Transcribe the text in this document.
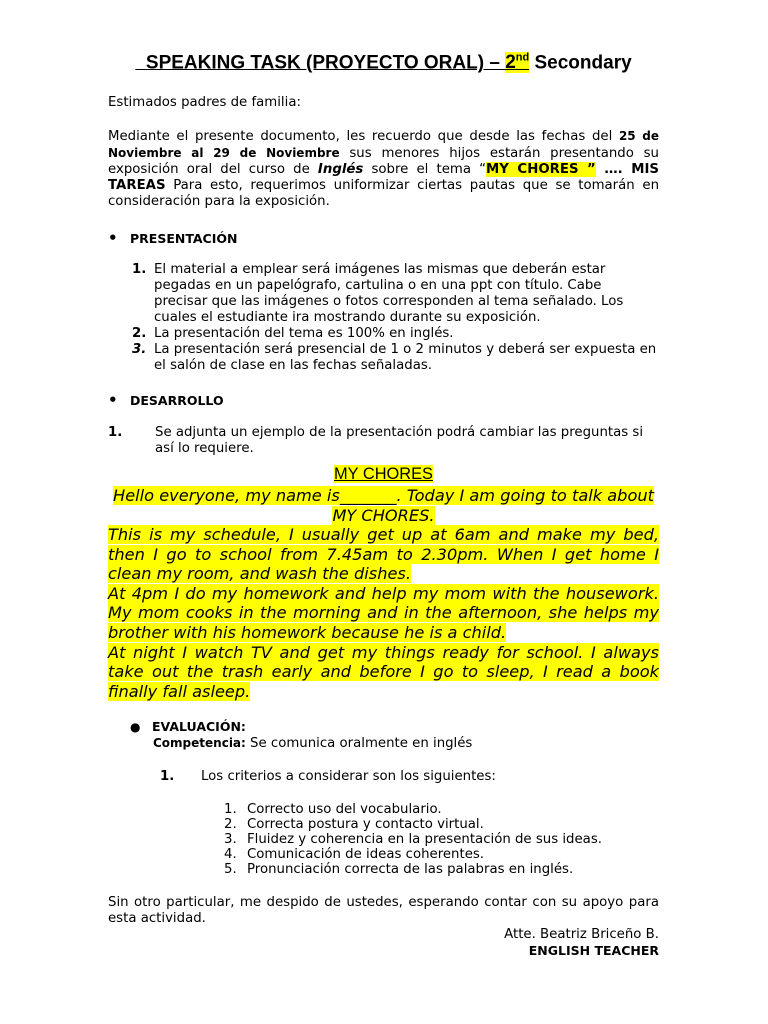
SPEAKING TASK (PROYECTO ORAL) – 2nd Secondary

Estimados padres de familia:

Mediante el presente documento, les recuerdo que desde las fechas del 25 de Noviembre al 29 de Noviembre sus menores hijos estarán presentando su exposición oral del curso de Inglés sobre el tema “MY CHORES ” …. MIS TAREAS Para esto, requerimos uniformizar ciertas pautas que se tomarán en consideración para la exposición.

• PRESENTACIÓN
1. El material a emplear será imágenes las mismas que deberán estar pegadas en un papelógrafo, cartulina o en una ppt con título. Cabe precisar que las imágenes o fotos corresponden al tema señalado. Los cuales el estudiante ira mostrando durante su exposición.
2. La presentación del tema es 100% en inglés.
3. La presentación será presencial de 1 o 2 minutos y deberá ser expuesta en el salón de clase en las fechas señaladas.
• DESARROLLO
1.	Se adjunta un ejemplo de la presentación podrá cambiar las preguntas si así lo requiere.

MY CHORES

Hello everyone, my name is_______. Today I am going to talk about MY CHORES.

This is my schedule, I usually get up at 6am and make my bed, then I go to school from 7.45am to 2.30pm. When I get home I clean my room, and wash the dishes.

At 4pm I do my homework and help my mom with the housework. My mom cooks in the morning and in the afternoon, she helps my brother with his homework because he is a child.

At night I watch TV and get my things ready for school. I always take out the trash early and before I go to sleep, I read a book finally fall asleep.

● EVALUACIÓN:

Competencia: Se comunica oralmente en inglés

1.	Los criterios a considerar son los siguientes:
1. Correcto uso del vocabulario.
2. Correcta postura y contacto virtual.
3. Fluidez y coherencia en la presentación de sus ideas.
4. Comunicación de ideas coherentes.
5. Pronunciación correcta de las palabras en inglés.

Sin otro particular, me despido de ustedes, esperando contar con su apoyo para esta actividad.

Atte. Beatriz Briceño B.

ENGLISH TEACHER
